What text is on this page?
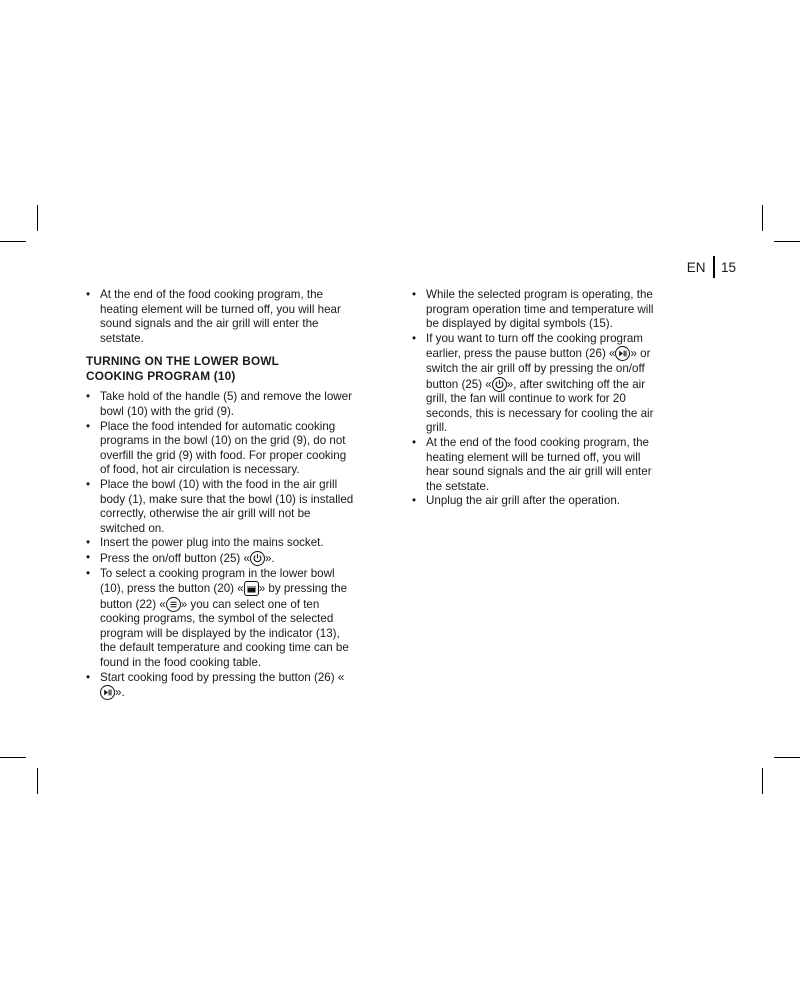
EN 15
• At the end of the food cooking program, the heating element will be turned off, you will hear sound signals and the air grill will enter the setstate.
TURNING ON THE LOWER BOWL
COOKING PROGRAM (10)
• Take hold of the handle (5) and remove the lower bowl (10) with the grid (9).
• Place the food intended for automatic cooking programs in the bowl (10) on the grid (9), do not overfill the grid (9) with food. For proper cooking of food, hot air circulation is necessary.
• Place the bowl (10) with the food in the air grill body (1), make sure that the bowl (10) is installed correctly, otherwise the air grill will not be switched on.
• Insert the power plug into the mains socket.
• Press the on/off button (25) « ».
• To select a cooking program in the lower bowl (10), press the button (20) « » by pressing the button (22) « » you can select one of ten cooking programs, the symbol of the selected program will be displayed by the indicator (13), the default temperature and cooking time can be found in the food cooking table.
• Start cooking food by pressing the button (26) «
».
• While the selected program is operating, the program operation time and temperature will be displayed by digital symbols (15).
• If you want to turn off the cooking program earlier, press the pause button (26) « » or switch the air grill off by pressing the on/off button (25) « », after switching off the air grill, the fan will continue to work for 20 seconds, this is necessary for cooling the air grill.
• At the end of the food cooking program, the heating element will be turned off, you will hear sound signals and the air grill will enter the setstate.
• Unplug the air grill after the operation.
